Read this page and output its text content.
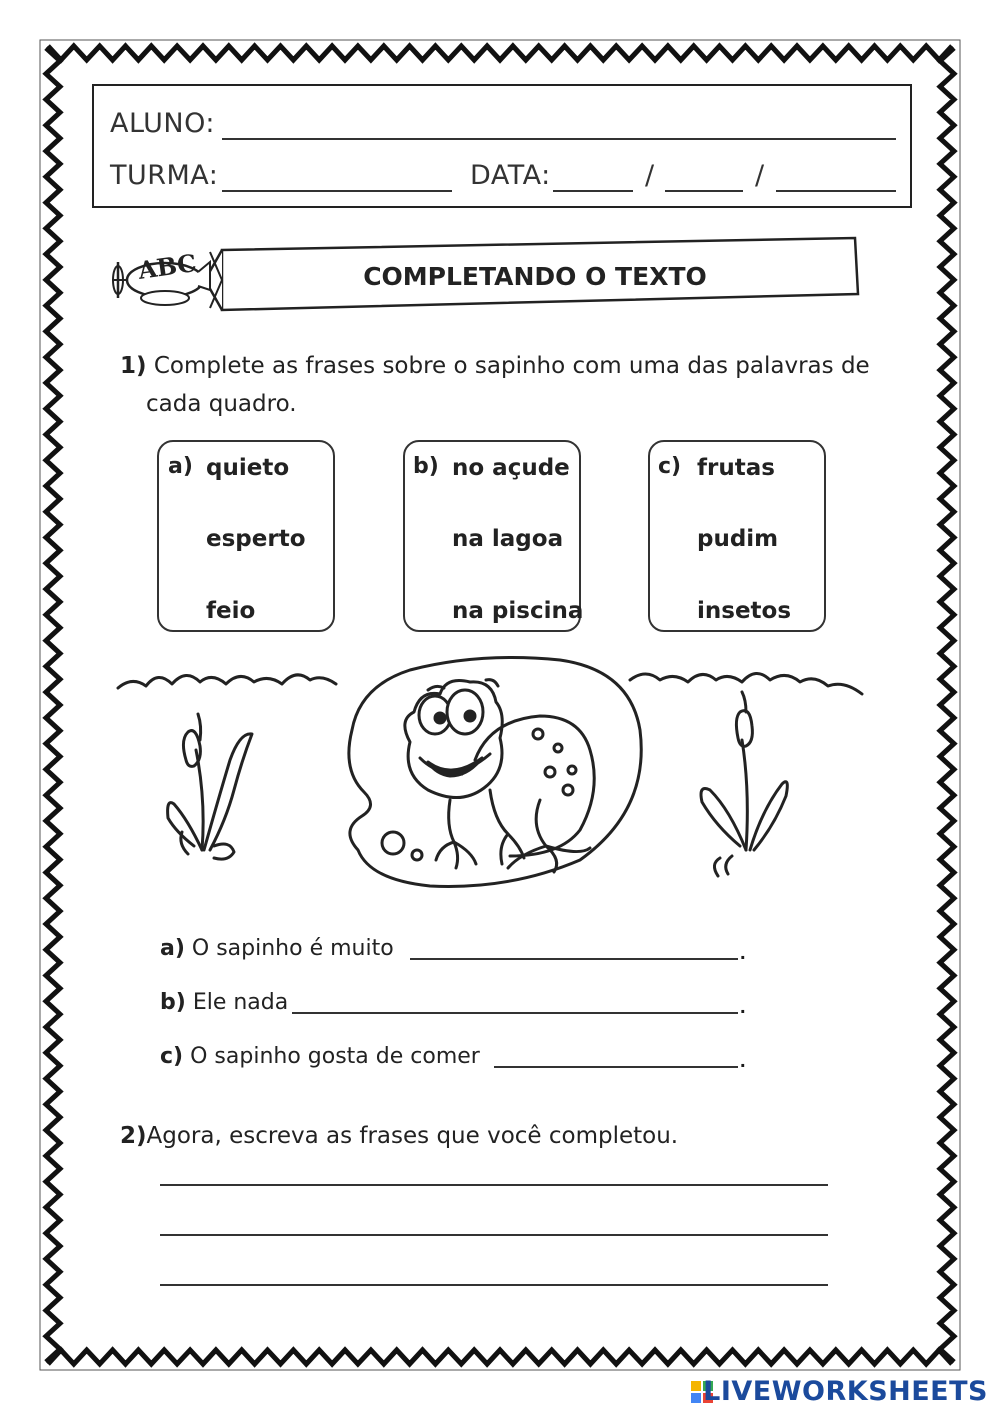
ALUNO:
TURMA:	DATA:	/	/
ABC	COMPLETANDO O TEXTO
1) Complete as frases sobre o sapinho com uma das palavras de
cada quadro.
a) quieto
esperto
feio
b) no açude
na lagoa
na piscina
c) frutas
pudim
insetos
a) O sapinho é muito	.
b) Ele nada	.
c) O sapinho gosta de comer	.
2)Agora, escreva as frases que você completou.
LIVEWORKSHEETS
